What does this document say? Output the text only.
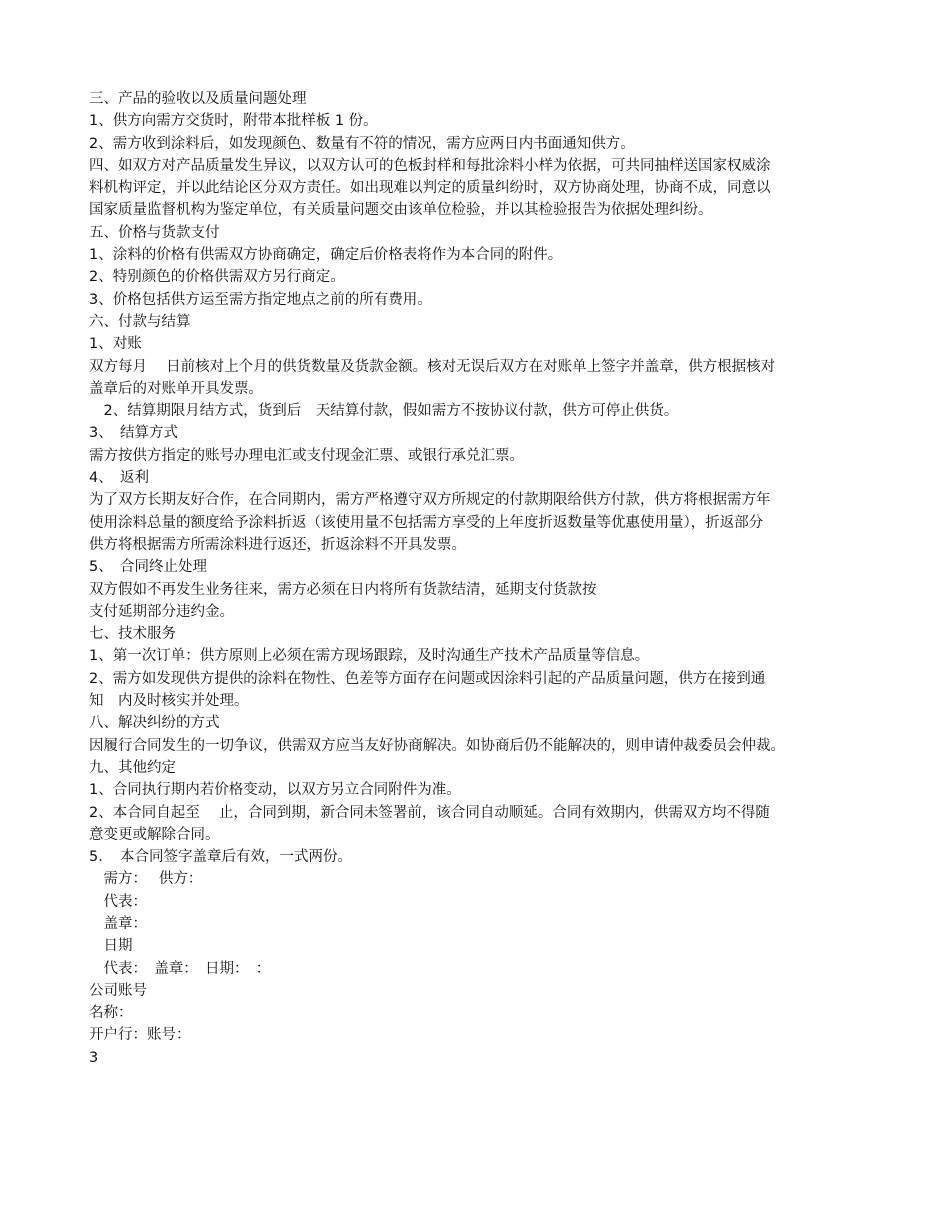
三、产品的验收以及质量问题处理
1、供方向需方交货时，附带本批样板 1 份。
2、需方收到涂料后，如发现颜色、数量有不符的情况，需方应两日内书面通知供方。
四、如双方对产品质量发生异议，以双方认可的色板封样和每批涂料小样为依据，可共同抽样送国家权威涂
料机构评定，并以此结论区分双方责任。如出现难以判定的质量纠纷时，双方协商处理，协商不成，同意以
国家质量监督机构为鉴定单位，有关质量问题交由该单位检验，并以其检验报告为依据处理纠纷。
五、价格与货款支付
1、涂料的价格有供需双方协商确定，确定后价格表将作为本合同的附件。
2、特别颜色的价格供需双方另行商定。
3、价格包括供方运至需方指定地点之前的所有费用。
六、付款与结算
1、对账
双方每月　 日前核对上个月的供货数量及货款金额。核对无误后双方在对账单上签字并盖章，供方根据核对
盖章后的对账单开具发票。
　2、结算期限月结方式，货到后　天结算付款，假如需方不按协议付款，供方可停止供货。
3、　结算方式
需方按供方指定的账号办理电汇或支付现金汇票、或银行承兑汇票。
4、　返利
为了双方长期友好合作，在合同期内，需方严格遵守双方所规定的付款期限给供方付款，供方将根据需方年
使用涂料总量的额度给予涂料折返（该使用量不包括需方享受的上年度折返数量等优惠使用量），折返部分
供方将根据需方所需涂料进行返还，折返涂料不开具发票。
5、　合同终止处理
双方假如不再发生业务往来，需方必须在日内将所有货款结清，延期支付货款按
支付延期部分违约金。
七、技术服务
1、第一次订单：供方原则上必须在需方现场跟踪，及时沟通生产技术产品质量等信息。
2、需方如发现供方提供的涂料在物性、色差等方面存在问题或因涂料引起的产品质量问题，供方在接到通
知　内及时核实并处理。
八、解决纠纷的方式
因履行合同发生的一切争议，供需双方应当友好协商解决。如协商后仍不能解决的，则申请仲裁委员会仲裁。
九、其他约定
1、合同执行期内若价格变动，以双方另立合同附件为准。
2、本合同自起至　 止，合同到期，新合同未签署前，该合同自动顺延。合同有效期内，供需双方均不得随
意变更或解除合同。
5．　本合同签字盖章后有效，一式两份。
　需方：　 供方：
　代表：
　盖章：
　日期
　代表：　盖章：　日期：　：
公司账号
名称：
开户行：账号：
3
